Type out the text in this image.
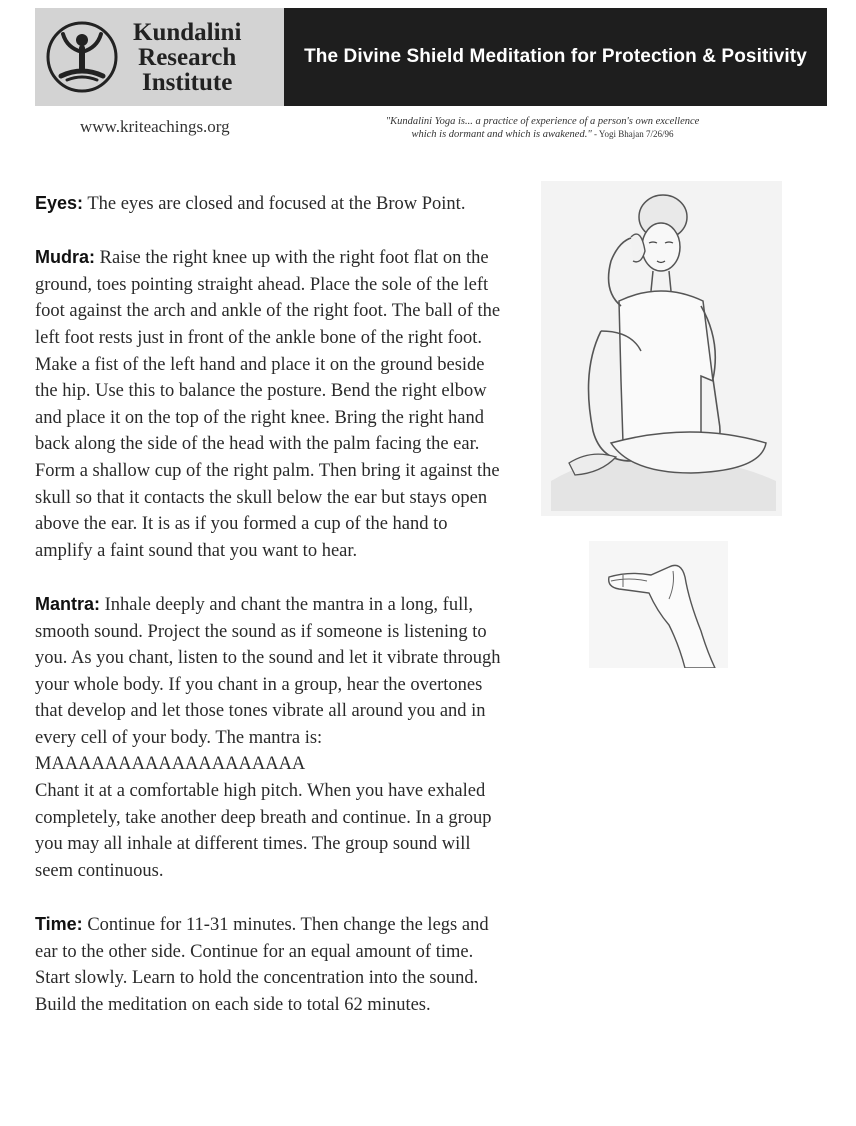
Kundalini
Research
Institute
The Divine Shield Meditation for Protection & Positivity
www.kriteachings.org	"Kundalini Yoga is... a practice of experience of a person's own excellence
which is dormant and which is awakened." - Yogi Bhajan 7/26/96

Eyes: The eyes are closed and focused at the Brow Point.

Mudra: Raise the right knee up with the right foot flat on the ground, toes pointing straight ahead. Place the sole of the left foot against the arch and ankle of the right foot. The ball of the left foot rests just in front of the ankle bone of the right foot. Make a fist of the left hand and place it on the ground beside the hip. Use this to balance the posture. Bend the right elbow and place it on the top of the right knee. Bring the right hand back along the side of the head with the palm facing the ear. Form a shallow cup of the right palm. Then bring it against the skull so that it contacts the skull below the ear but stays open above the ear. It is as if you formed a cup of the hand to amplify a faint sound that you want to hear.

Mantra: Inhale deeply and chant the mantra in a long, full, smooth sound. Project the sound as if someone is listening to you. As you chant, listen to the sound and let it vibrate through your whole body. If you chant in a group, hear the overtones that develop and let those tones vibrate all around you and in every cell of your body. The mantra is: MAAAAAAAAAAAAAAAAAAA
Chant it at a comfortable high pitch. When you have exhaled completely, take another deep breath and continue. In a group you may all inhale at different times. The group sound will seem continuous.

Time: Continue for 11-31 minutes. Then change the legs and ear to the other side. Continue for an equal amount of time. Start slowly. Learn to hold the concentration into the sound. Build the meditation on each side to total 62 minutes.
